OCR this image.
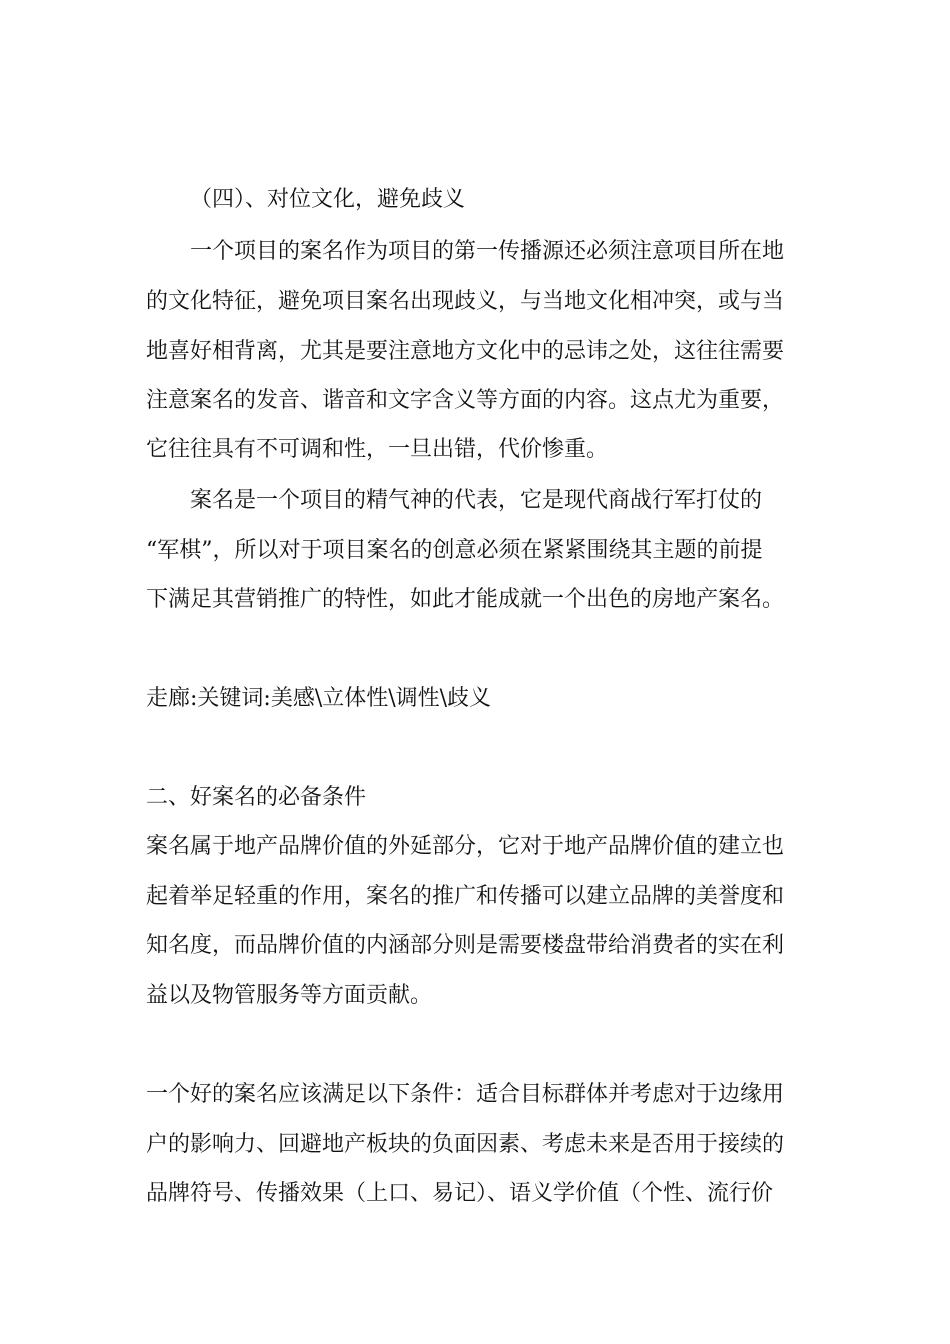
（四）、对位文化，避免歧义
一个项目的案名作为项目的第一传播源还必须注意项目所在地
的文化特征，避免项目案名出现歧义，与当地文化相冲突，或与当
地喜好相背离，尤其是要注意地方文化中的忌讳之处，这往往需要
注意案名的发音、谐音和文字含义等方面的内容。这点尤为重要，
它往往具有不可调和性，一旦出错，代价惨重。
案名是一个项目的精气神的代表，它是现代商战行军打仗的
“军棋”，所以对于项目案名的创意必须在紧紧围绕其主题的前提
下满足其营销推广的特性，如此才能成就一个出色的房地产案名。
走廊:关键词:美感\立体性\调性\歧义
二、好案名的必备条件
案名属于地产品牌价值的外延部分，它对于地产品牌价值的建立也
起着举足轻重的作用，案名的推广和传播可以建立品牌的美誉度和
知名度，而品牌价值的内涵部分则是需要楼盘带给消费者的实在利
益以及物管服务等方面贡献。
一个好的案名应该满足以下条件：适合目标群体并考虑对于边缘用
户的影响力、回避地产板块的负面因素、考虑未来是否用于接续的
品牌符号、传播效果（上口、易记）、语义学价值（个性、流行价
